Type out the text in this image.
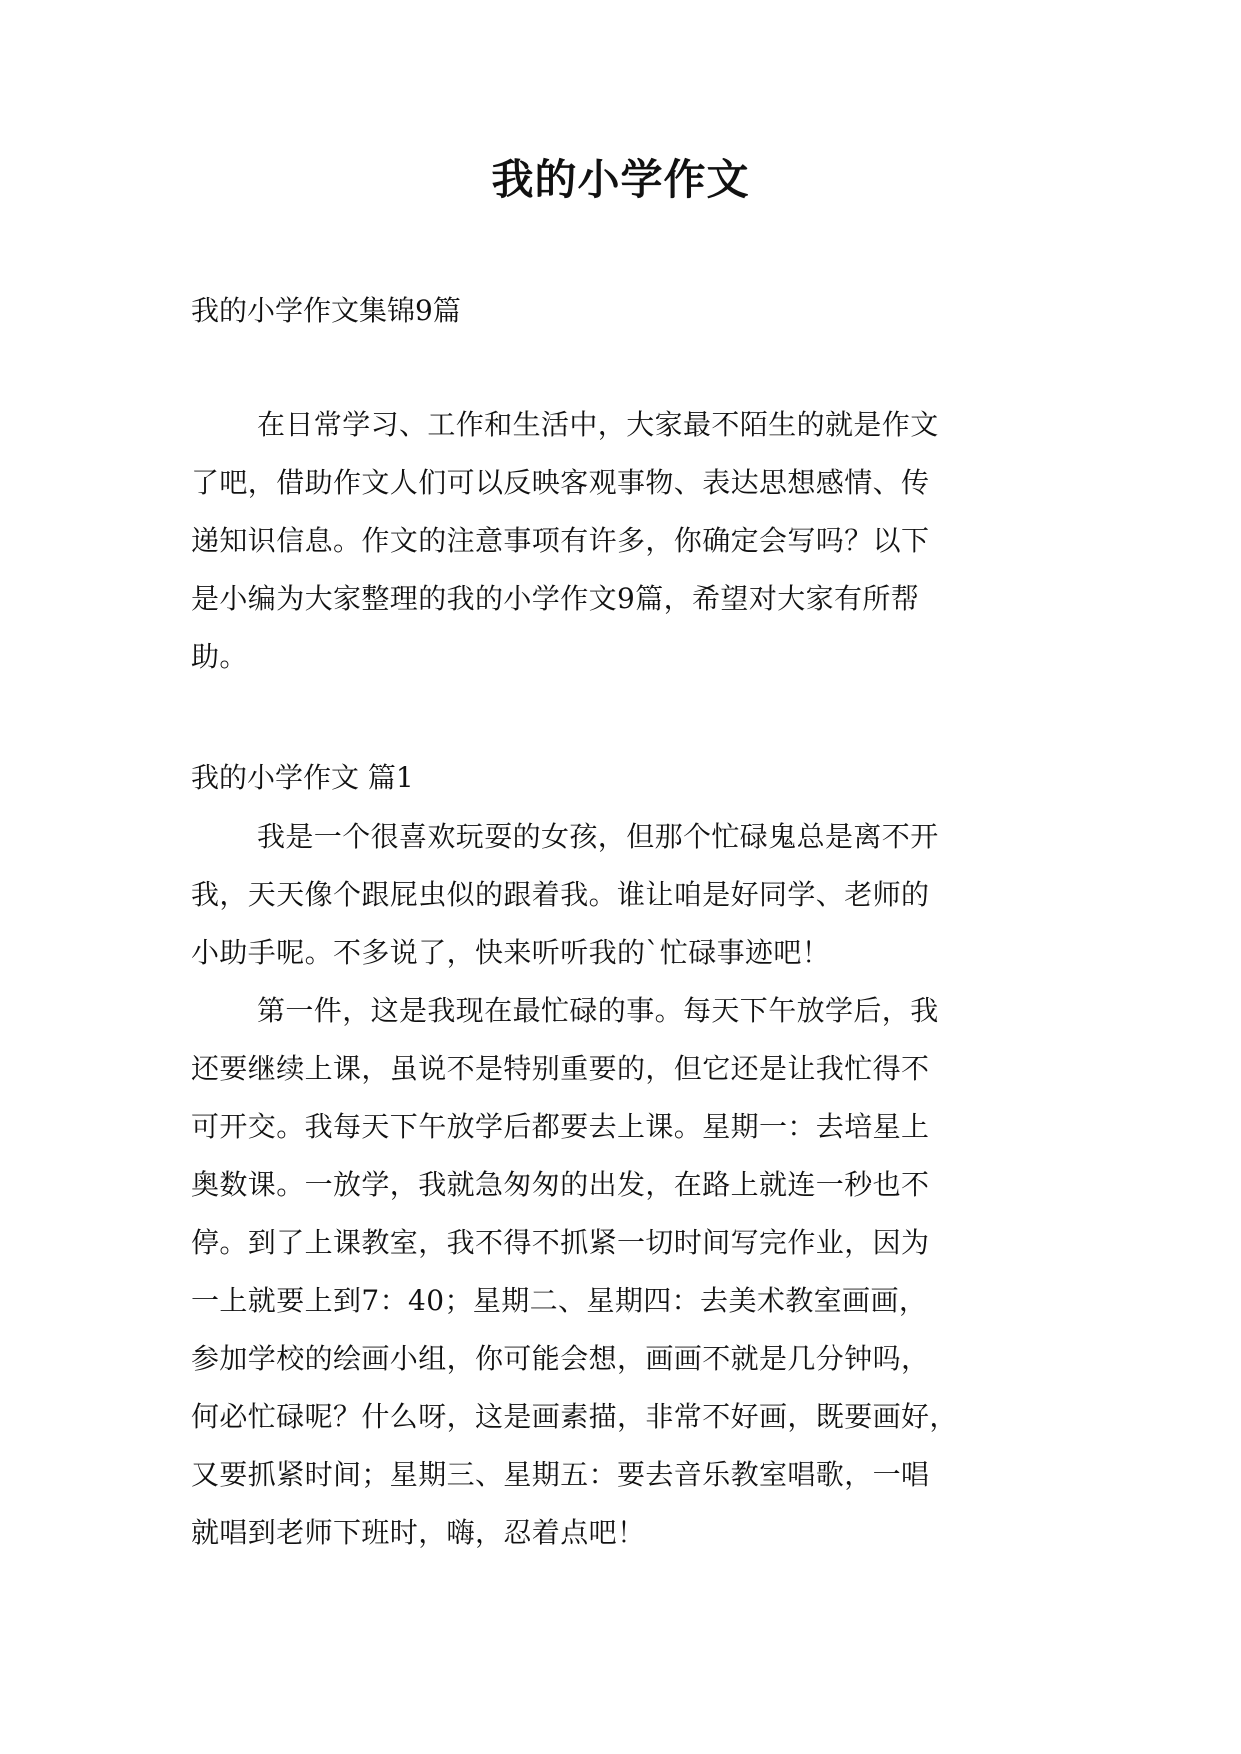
我的小学作文

我的小学作文集锦9篇

在日常学习、工作和生活中，大家最不陌生的就是作文
了吧，借助作文人们可以反映客观事物、表达思想感情、传
递知识信息。作文的注意事项有许多，你确定会写吗？以下
是小编为大家整理的我的小学作文9篇，希望对大家有所帮
助。
我的小学作文 篇1
我是一个很喜欢玩耍的女孩，但那个忙碌鬼总是离不开
我，天天像个跟屁虫似的跟着我。谁让咱是好同学、老师的
小助手呢。不多说了，快来听听我的`忙碌事迹吧！
第一件，这是我现在最忙碌的事。每天下午放学后，我
还要继续上课，虽说不是特别重要的，但它还是让我忙得不
可开交。我每天下午放学后都要去上课。星期一：去培星上
奥数课。一放学，我就急匆匆的出发，在路上就连一秒也不
停。到了上课教室，我不得不抓紧一切时间写完作业，因为
一上就要上到7：40；星期二、星期四：去美术教室画画，
参加学校的绘画小组，你可能会想，画画不就是几分钟吗，
何必忙碌呢？什么呀，这是画素描，非常不好画，既要画好，
又要抓紧时间；星期三、星期五：要去音乐教室唱歌，一唱
就唱到老师下班时，嗨，忍着点吧！
